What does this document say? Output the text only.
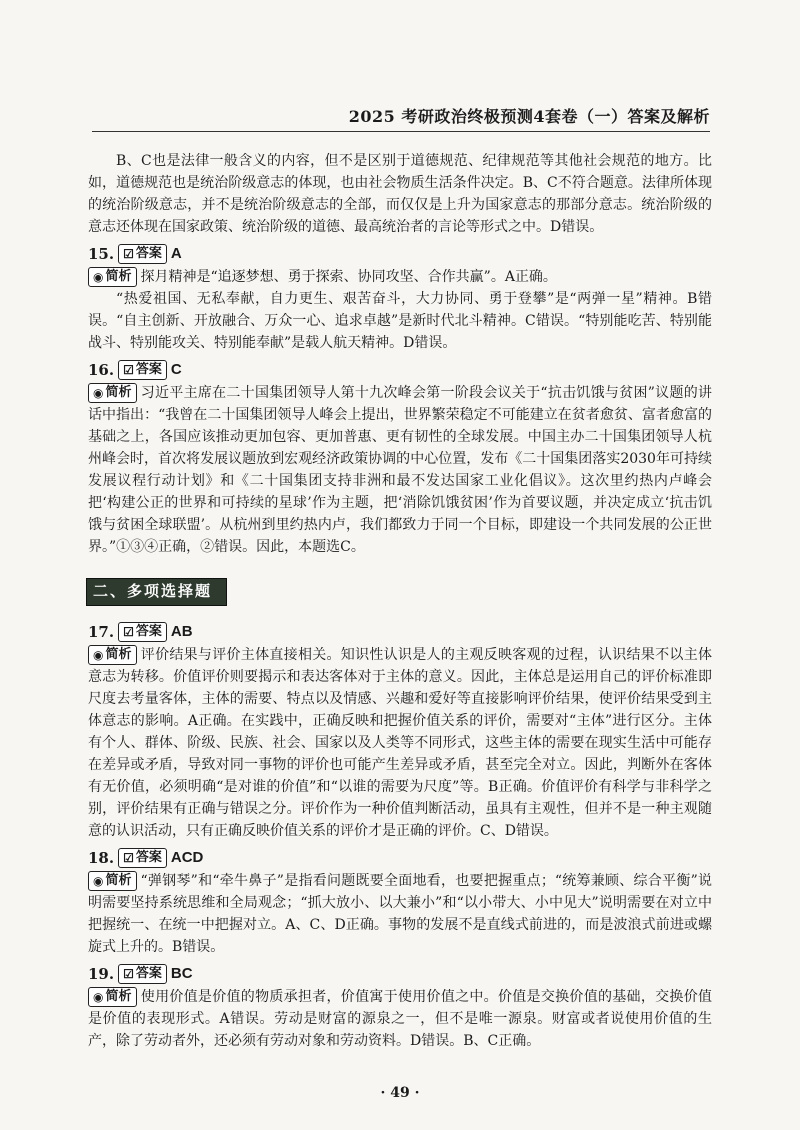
2025 考研政治终极预测4套卷（一）答案及解析

B、C也是法律一般含义的内容，但不是区别于道德规范、纪律规范等其他社会规范的地方。比如，道德规范也是统治阶级意志的体现，也由社会物质生活条件决定。B、C不符合题意。法律所体现的统治阶级意志，并不是统治阶级意志的全部，而仅仅是上升为国家意志的那部分意志。统治阶级的意志还体现在国家政策、统治阶级的道德、最高统治者的言论等形式之中。D错误。

15. ☑ 答案 A

◉ 简析 探月精神是“追逐梦想、勇于探索、协同攻坚、合作共赢”。A正确。

“热爱祖国、无私奉献，自力更生、艰苦奋斗，大力协同、勇于登攀”是“两弹一星”精神。B错误。“自主创新、开放融合、万众一心、追求卓越”是新时代北斗精神。C错误。“特别能吃苦、特别能战斗、特别能攻关、特别能奉献”是载人航天精神。D错误。

16. ☑ 答案 C

◉ 简析 习近平主席在二十国集团领导人第十九次峰会第一阶段会议关于“抗击饥饿与贫困”议题的讲话中指出：“我曾在二十国集团领导人峰会上提出，世界繁荣稳定不可能建立在贫者愈贫、富者愈富的基础之上，各国应该推动更加包容、更加普惠、更有韧性的全球发展。中国主办二十国集团领导人杭州峰会时，首次将发展议题放到宏观经济政策协调的中心位置，发布《二十国集团落实2030年可持续发展议程行动计划》和《二十国集团支持非洲和最不发达国家工业化倡议》。这次里约热内卢峰会把‘构建公正的世界和可持续的星球’作为主题，把‘消除饥饿贫困’作为首要议题，并决定成立‘抗击饥饿与贫困全球联盟’。从杭州到里约热内卢，我们都致力于同一个目标，即建设一个共同发展的公正世界。”①③④正确，②错误。因此，本题选C。

二、多项选择题
17. ☑ 答案 AB

◉ 简析 评价结果与评价主体直接相关。知识性认识是人的主观反映客观的过程，认识结果不以主体意志为转移。价值评价则要揭示和表达客体对于主体的意义。因此，主体总是运用自己的评价标准即尺度去考量客体，主体的需要、特点以及情感、兴趣和爱好等直接影响评价结果，使评价结果受到主体意志的影响。A正确。在实践中，正确反映和把握价值关系的评价，需要对“主体”进行区分。主体有个人、群体、阶级、民族、社会、国家以及人类等不同形式，这些主体的需要在现实生活中可能存在差异或矛盾，导致对同一事物的评价也可能产生差异或矛盾，甚至完全对立。因此，判断外在客体有无价值，必须明确“是对谁的价值”和“以谁的需要为尺度”等。B正确。价值评价有科学与非科学之别，评价结果有正确与错误之分。评价作为一种价值判断活动，虽具有主观性，但并不是一种主观随意的认识活动，只有正确反映价值关系的评价才是正确的评价。C、D错误。

18. ☑ 答案 ACD

◉ 简析 “弹钢琴”和“牵牛鼻子”是指看问题既要全面地看，也要把握重点；“统筹兼顾、综合平衡”说明需要坚持系统思维和全局观念；“抓大放小、以大兼小”和“以小带大、小中见大”说明需要在对立中把握统一、在统一中把握对立。A、C、D正确。事物的发展不是直线式前进的，而是波浪式前进或螺旋式上升的。B错误。

19. ☑ 答案 BC

◉ 简析 使用价值是价值的物质承担者，价值寓于使用价值之中。价值是交换价值的基础，交换价值是价值的表现形式。A错误。劳动是财富的源泉之一，但不是唯一源泉。财富或者说使用价值的生产，除了劳动者外，还必须有劳动对象和劳动资料。D错误。B、C正确。

· 49 ·
